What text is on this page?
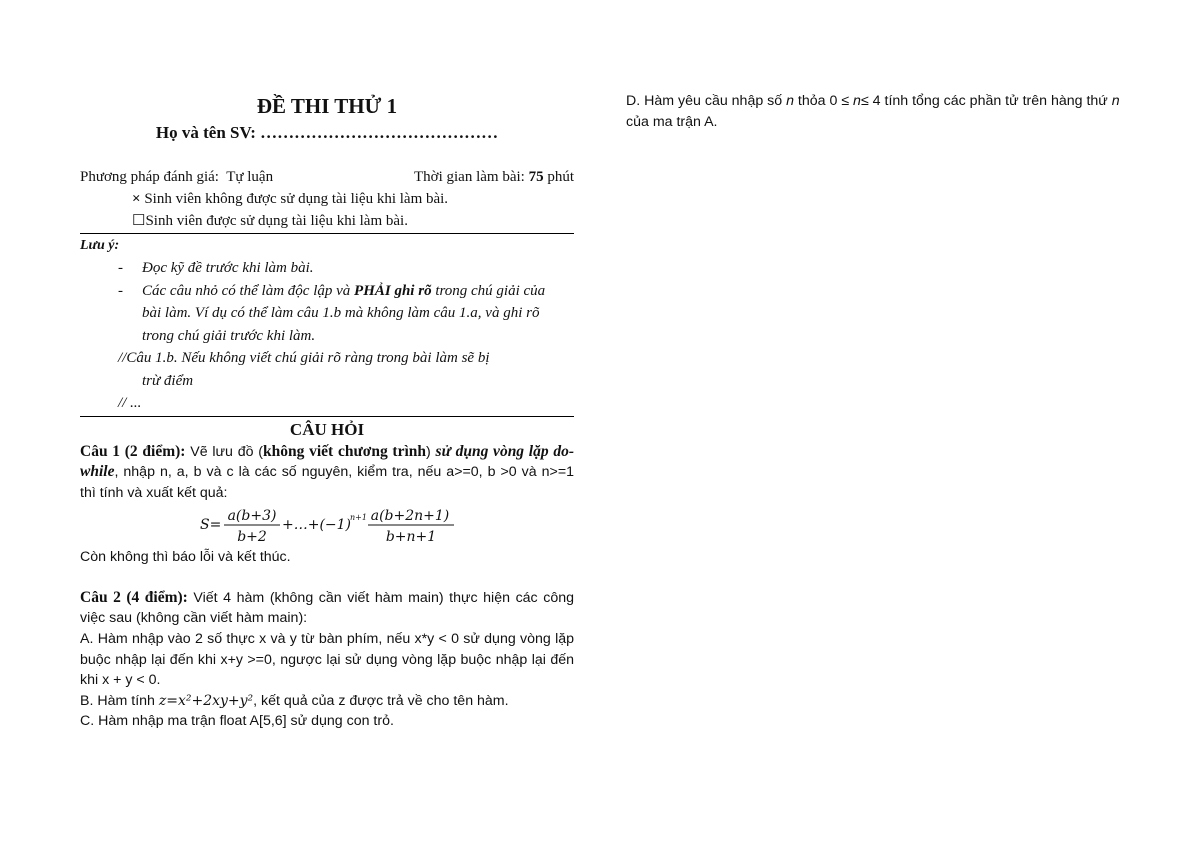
ĐỀ THI THỬ 1

Họ và tên SV: ……………………………………

Phương pháp đánh giá: Tự luận	Thời gian làm bài: 75 phút
× Sinh viên không được sử dụng tài liệu khi làm bài.
☐Sinh viên được sử dụng tài liệu khi làm bài.
Lưu ý:
-	Đọc kỹ đề trước khi làm bài.
-	Các câu nhỏ có thể làm độc lập và PHẢI ghi rõ trong chú giải của bài làm. Ví dụ có thể làm câu 1.b mà không làm câu 1.a, và ghi rõ trong chú giải trước khi làm.
//Câu 1.b. Nếu không viết chú giải rõ ràng trong bài làm sẽ bị
trừ điểm
// ...

CÂU HỎI

Câu 1 (2 điểm): Vẽ lưu đồ (không viết chương trình) sử dụng vòng lặp do-while, nhập n, a, b và c là các số nguyên, kiểm tra, nếu a>=0, b >0 và n>=1 thì tính và xuất kết quả:
S=
a(b+3)
b+2
+…+(−1)
n+1 a(b+2n+1)
b+n+1
Còn không thì báo lỗi và kết thúc.
Câu 2 (4 điểm): Viết 4 hàm (không cần viết hàm main) thực hiện các công việc sau (không cần viết hàm main):
A. Hàm nhập vào 2 số thực x và y từ bàn phím, nếu x*y < 0 sử dụng vòng lặp buộc nhập lại đến khi x+y >=0, ngược lại sử dụng vòng lặp buộc nhập lại đến khi x + y < 0.
B. Hàm tính z=x²+2xy+y², kết quả của z được trả về cho tên hàm.
C. Hàm nhập ma trận float A[5,6] sử dụng con trỏ.
D. Hàm yêu cầu nhập số n thỏa 0 ≤ n≤ 4 tính tổng các phần tử trên hàng thứ n của ma trận A.
